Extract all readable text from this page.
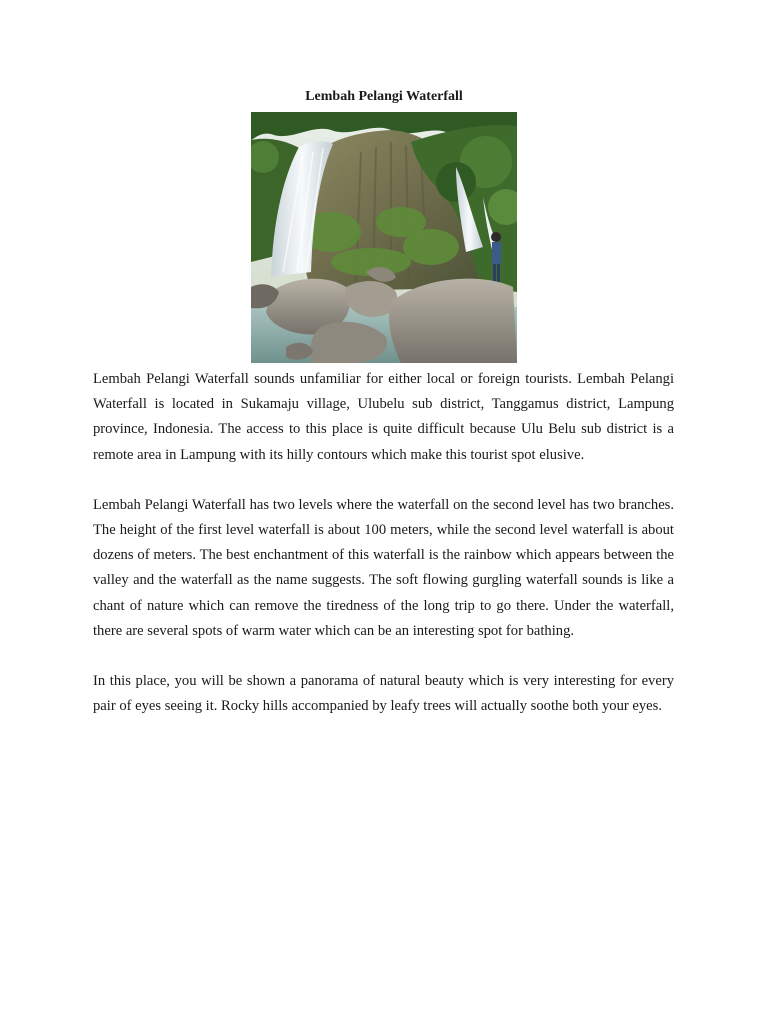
Lembah Pelangi Waterfall

Lembah Pelangi Waterfall sounds unfamiliar for either local or foreign tourists. Lembah Pelangi Waterfall is located in Sukamaju village, Ulubelu sub district, Tanggamus district, Lampung province, Indonesia. The access to this place is quite difficult because Ulu Belu sub district is a remote area in Lampung with its hilly contours which make this tourist spot elusive.

Lembah Pelangi Waterfall has two levels where the waterfall on the second level has two branches. The height of the first level waterfall is about 100 meters, while the second level waterfall is about dozens of meters. The best enchantment of this waterfall is the rainbow which appears between the valley and the waterfall as the name suggests. The soft flowing gurgling waterfall sounds is like a chant of nature which can remove the tiredness of the long trip to go there. Under the waterfall, there are several spots of warm water which can be an interesting spot for bathing.

In this place, you will be shown a panorama of natural beauty which is very interesting for every pair of eyes seeing it. Rocky hills accompanied by leafy trees will actually soothe both your eyes.
